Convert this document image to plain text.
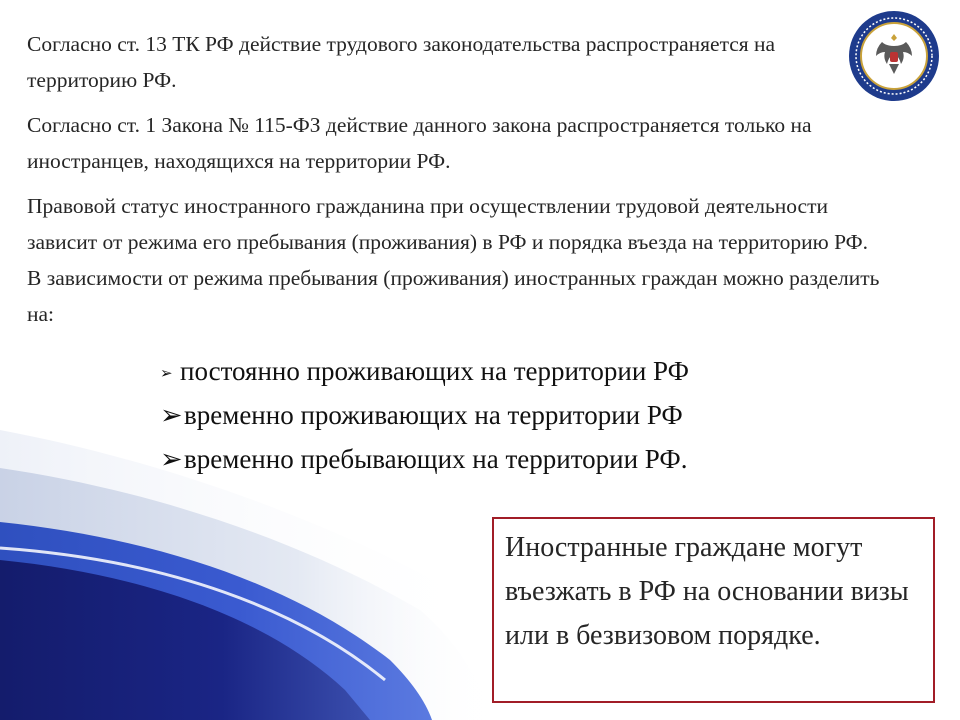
Согласно ст. 13 ТК РФ действие трудового законодательства распространяется на территорию РФ.

Согласно ст. 1 Закона № 115-ФЗ действие данного закона распространяется только на иностранцев, находящихся на территории РФ.

Правовой статус иностранного гражданина при осуществлении трудовой деятельности зависит от режима его пребывания (проживания) в РФ и порядка въезда на территорию РФ. В зависимости от режима пребывания (проживания) иностранных граждан можно разделить на:

➢ постоянно проживающих на территории РФ
➢временно проживающих на территории РФ
➢временно пребывающих на территории РФ.

Иностранные граждане могут въезжать в РФ на основании визы или в безвизовом порядке.
